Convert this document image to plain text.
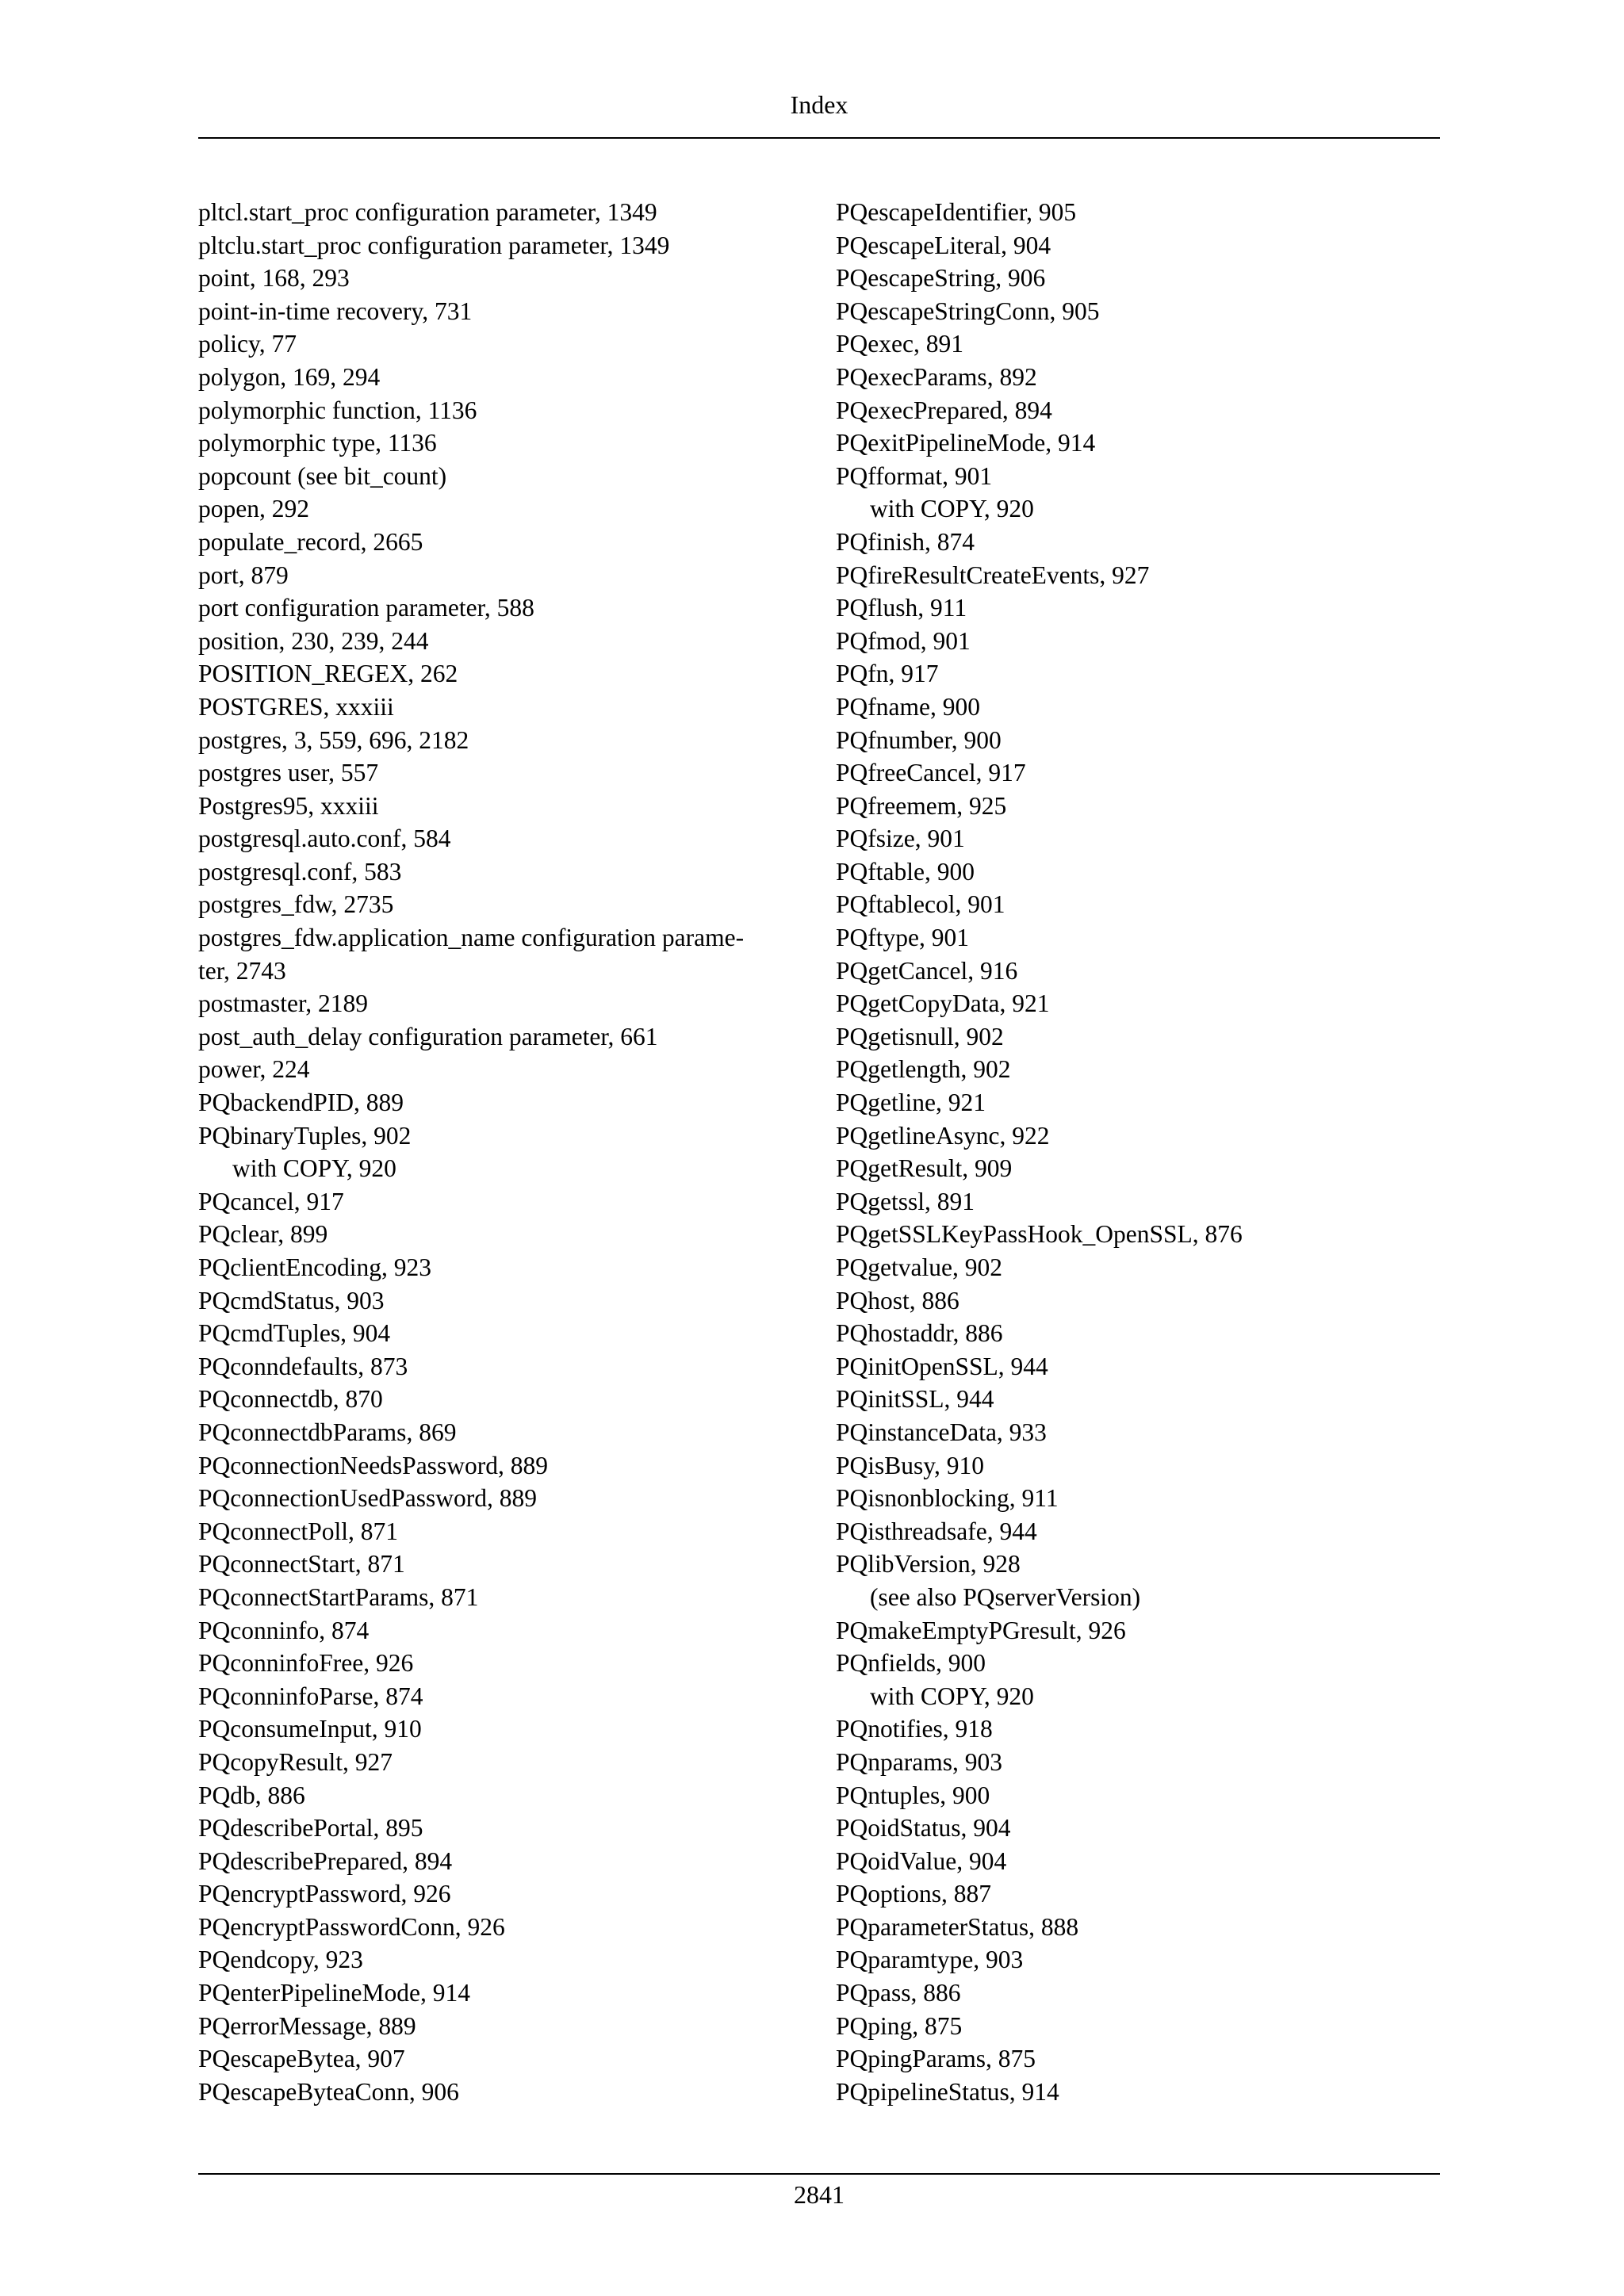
Index
pltcl.start_proc configuration parameter, 1349
pltclu.start_proc configuration parameter, 1349
point, 168, 293
point-in-time recovery, 731
policy, 77
polygon, 169, 294
polymorphic function, 1136
polymorphic type, 1136
popcount (see bit_count)
popen, 292
populate_record, 2665
port, 879
port configuration parameter, 588
position, 230, 239, 244
POSITION_REGEX, 262
POSTGRES, xxxiii
postgres, 3, 559, 696, 2182
postgres user, 557
Postgres95, xxxiii
postgresql.auto.conf, 584
postgresql.conf, 583
postgres_fdw, 2735
postgres_fdw.application_name configuration parame-
ter, 2743
postmaster, 2189
post_auth_delay configuration parameter, 661
power, 224
PQbackendPID, 889
PQbinaryTuples, 902
with COPY, 920
PQcancel, 917
PQclear, 899
PQclientEncoding, 923
PQcmdStatus, 903
PQcmdTuples, 904
PQconndefaults, 873
PQconnectdb, 870
PQconnectdbParams, 869
PQconnectionNeedsPassword, 889
PQconnectionUsedPassword, 889
PQconnectPoll, 871
PQconnectStart, 871
PQconnectStartParams, 871
PQconninfo, 874
PQconninfoFree, 926
PQconninfoParse, 874
PQconsumeInput, 910
PQcopyResult, 927
PQdb, 886
PQdescribePortal, 895
PQdescribePrepared, 894
PQencryptPassword, 926
PQencryptPasswordConn, 926
PQendcopy, 923
PQenterPipelineMode, 914
PQerrorMessage, 889
PQescapeBytea, 907
PQescapeByteaConn, 906
PQescapeIdentifier, 905
PQescapeLiteral, 904
PQescapeString, 906
PQescapeStringConn, 905
PQexec, 891
PQexecParams, 892
PQexecPrepared, 894
PQexitPipelineMode, 914
PQfformat, 901
with COPY, 920
PQfinish, 874
PQfireResultCreateEvents, 927
PQflush, 911
PQfmod, 901
PQfn, 917
PQfname, 900
PQfnumber, 900
PQfreeCancel, 917
PQfreemem, 925
PQfsize, 901
PQftable, 900
PQftablecol, 901
PQftype, 901
PQgetCancel, 916
PQgetCopyData, 921
PQgetisnull, 902
PQgetlength, 902
PQgetline, 921
PQgetlineAsync, 922
PQgetResult, 909
PQgetssl, 891
PQgetSSLKeyPassHook_OpenSSL, 876
PQgetvalue, 902
PQhost, 886
PQhostaddr, 886
PQinitOpenSSL, 944
PQinitSSL, 944
PQinstanceData, 933
PQisBusy, 910
PQisnonblocking, 911
PQisthreadsafe, 944
PQlibVersion, 928
(see also PQserverVersion)
PQmakeEmptyPGresult, 926
PQnfields, 900
with COPY, 920
PQnotifies, 918
PQnparams, 903
PQntuples, 900
PQoidStatus, 904
PQoidValue, 904
PQoptions, 887
PQparameterStatus, 888
PQparamtype, 903
PQpass, 886
PQping, 875
PQpingParams, 875
PQpipelineStatus, 914
2841
